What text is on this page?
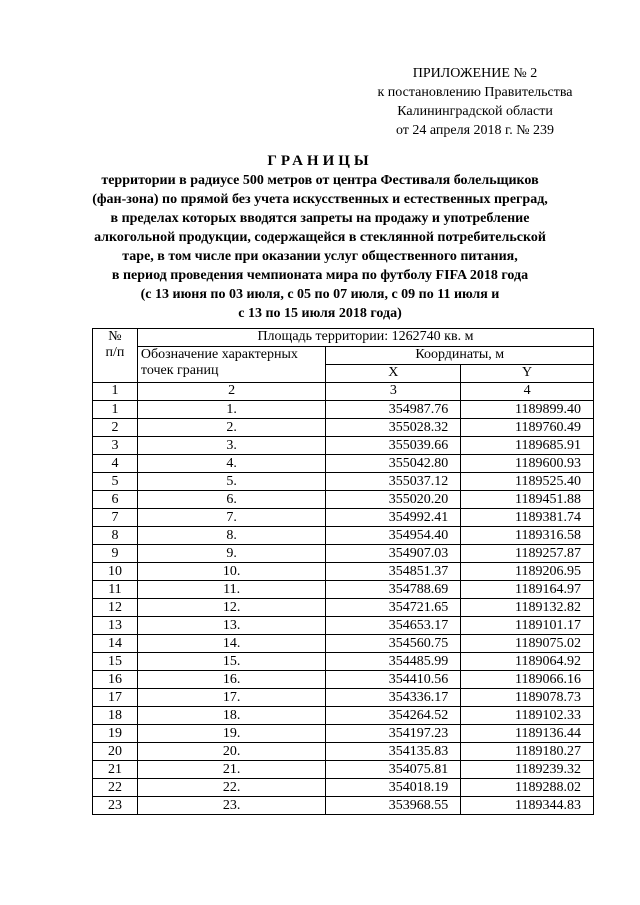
ПРИЛОЖЕНИЕ № 2
к постановлению Правительства
Калининградской области
от 24 апреля 2018 г. № 239
ГРАНИЦЫ
территории в радиусе 500 метров от центра Фестиваля болельщиков
(фан-зона) по прямой без учета искусственных и естественных преград,
в пределах которых вводятся запреты на продажу и употребление
алкогольной продукции, содержащейся в стеклянной потребительской
таре, в том числе при оказании услуг общественного питания,
в период проведения чемпионата мира по футболу FIFA 2018 года
(с 13 июня по 03 июля, с 05 по 07 июля, с 09 по 11 июля и
с 13 по 15 июля 2018 года)
№
п/п	Площадь территории: 1262740 кв. м		
	Обозначение характерных точек границ	Координаты, м	
		X	Y
1	2	3	4
1	1.	354987.76	1189899.40
2	2.	355028.32	1189760.49
3	3.	355039.66	1189685.91
4	4.	355042.80	1189600.93
5	5.	355037.12	1189525.40
6	6.	355020.20	1189451.88
7	7.	354992.41	1189381.74
8	8.	354954.40	1189316.58
9	9.	354907.03	1189257.87
10	10.	354851.37	1189206.95
11	11.	354788.69	1189164.97
12	12.	354721.65	1189132.82
13	13.	354653.17	1189101.17
14	14.	354560.75	1189075.02
15	15.	354485.99	1189064.92
16	16.	354410.56	1189066.16
17	17.	354336.17	1189078.73
18	18.	354264.52	1189102.33
19	19.	354197.23	1189136.44
20	20.	354135.83	1189180.27
21	21.	354075.81	1189239.32
22	22.	354018.19	1189288.02
23	23.	353968.55	1189344.83
